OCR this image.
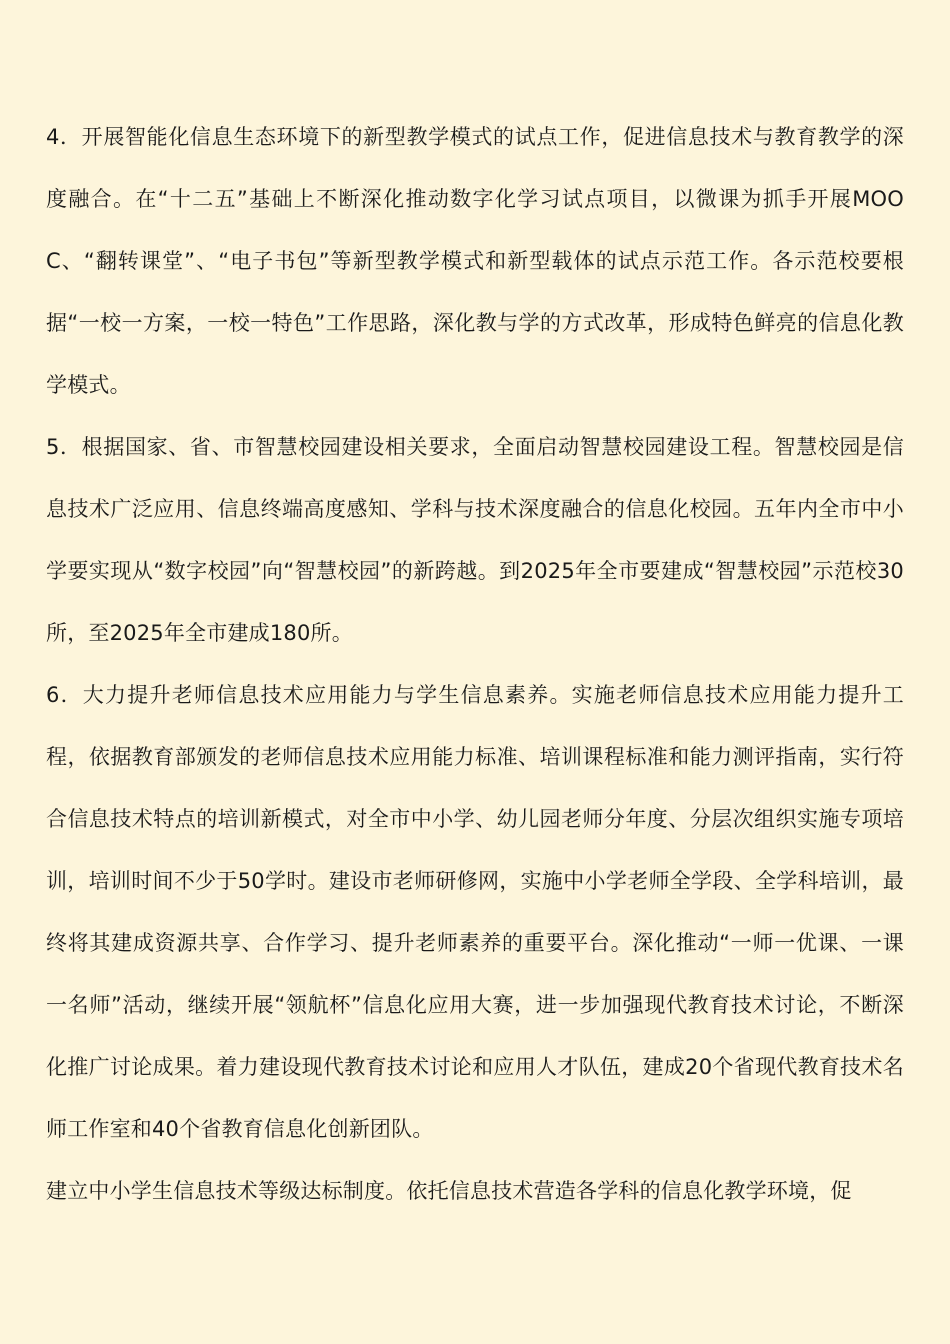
4．开展智能化信息生态环境下的新型教学模式的试点工作，促进信息技术与教育教学的深度融合。在“十二五”基础上不断深化推动数字化学习试点项目，以微课为抓手开展MOOC、“翻转课堂”、“电子书包”等新型教学模式和新型载体的试点示范工作。各示范校要根据“一校一方案，一校一特色”工作思路，深化教与学的方式改革，形成特色鲜亮的信息化教学模式。

5．根据国家、省、市智慧校园建设相关要求，全面启动智慧校园建设工程。智慧校园是信息技术广泛应用、信息终端高度感知、学科与技术深度融合的信息化校园。五年内全市中小学要实现从“数字校园”向“智慧校园”的新跨越。到2025年全市要建成“智慧校园”示范校30所，至2025年全市建成180所。

6．大力提升老师信息技术应用能力与学生信息素养。实施老师信息技术应用能力提升工程，依据教育部颁发的老师信息技术应用能力标准、培训课程标准和能力测评指南，实行符合信息技术特点的培训新模式，对全市中小学、幼儿园老师分年度、分层次组织实施专项培训，培训时间不少于50学时。建设市老师研修网，实施中小学老师全学段、全学科培训，最终将其建成资源共享、合作学习、提升老师素养的重要平台。深化推动“一师一优课、一课一名师”活动，继续开展“领航杯”信息化应用大赛，进一步加强现代教育技术讨论，不断深化推广讨论成果。着力建设现代教育技术讨论和应用人才队伍，建成20个省现代教育技术名师工作室和40个省教育信息化创新团队。

建立中小学生信息技术等级达标制度。依托信息技术营造各学科的信息化教学环境，促
